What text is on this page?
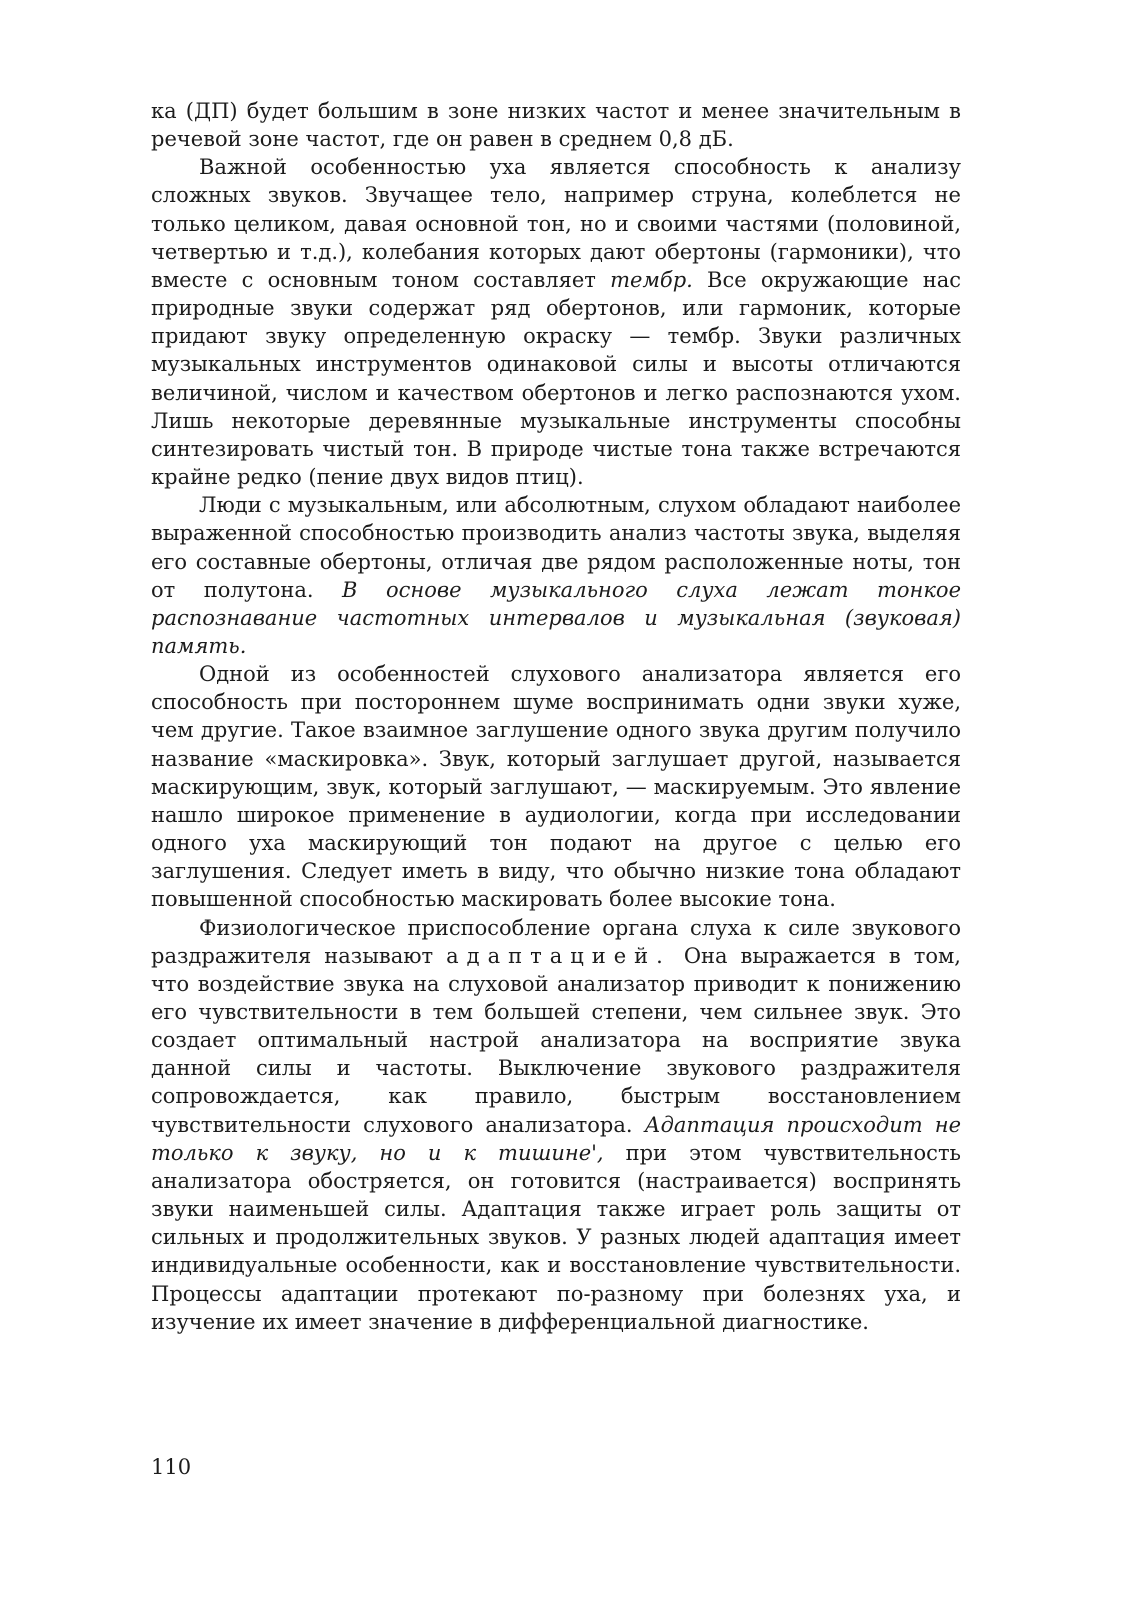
ка (ДП) будет большим в зоне низких частот и менее значительным в речевой зоне частот, где он равен в среднем 0,8 дБ.

Важной особенностью уха является способность к анализу сложных звуков. Звучащее тело, например струна, колеблется не только целиком, давая основной тон, но и своими частями (половиной, четвертью и т.д.), колебания которых дают обертоны (гармоники), что вместе с основным тоном составляет тембр. Все окружающие нас природные звуки содержат ряд обертонов, или гармоник, которые придают звуку определенную окраску — тембр. Звуки различных музыкальных инструментов одинаковой силы и высоты отличаются величиной, числом и качеством обертонов и легко распознаются ухом. Лишь некоторые деревянные музыкальные инструменты способны синтезировать чистый тон. В природе чистые тона также встречаются крайне редко (пение двух видов птиц).

Люди с музыкальным, или абсолютным, слухом обладают наиболее выраженной способностью производить анализ частоты звука, выделяя его составные обертоны, отличая две рядом расположенные ноты, тон от полутона. В основе музыкального слуха лежат тонкое распознавание частотных интервалов и музыкальная (звуковая) память.

Одной из особенностей слухового анализатора является его способность при постороннем шуме воспринимать одни звуки хуже, чем другие. Такое взаимное заглушение одного звука другим получило название «маскировка». Звук, который заглушает другой, называется маскирующим, звук, который заглушают, — маскируемым. Это явление нашло широкое применение в аудиологии, когда при исследовании одного уха маскирующий тон подают на другое с целью его заглушения. Следует иметь в виду, что обычно низкие тона обладают повышенной способностью маскировать более высокие тона.

Физиологическое приспособление органа слуха к силе звукового раздражителя называют адаптацией. Она выражается в том, что воздействие звука на слуховой анализатор приводит к понижению его чувствительности в тем большей степени, чем сильнее звук. Это создает оптимальный настрой анализатора на восприятие звука данной силы и частоты. Выключение звукового раздражителя сопровождается, как правило, быстрым восстановлением чувствительности слухового анализатора. Адаптация происходит не только к звуку, но и к тишине', при этом чувствительность анализатора обостряется, он готовится (настраивается) воспринять звуки наименьшей силы. Адаптация также играет роль защиты от сильных и продолжительных звуков. У разных людей адаптация имеет индивидуальные особенности, как и восстановление чувствительности. Процессы адаптации протекают по-разному при болезнях уха, и изучение их имеет значение в дифференциальной диагностике.

110
